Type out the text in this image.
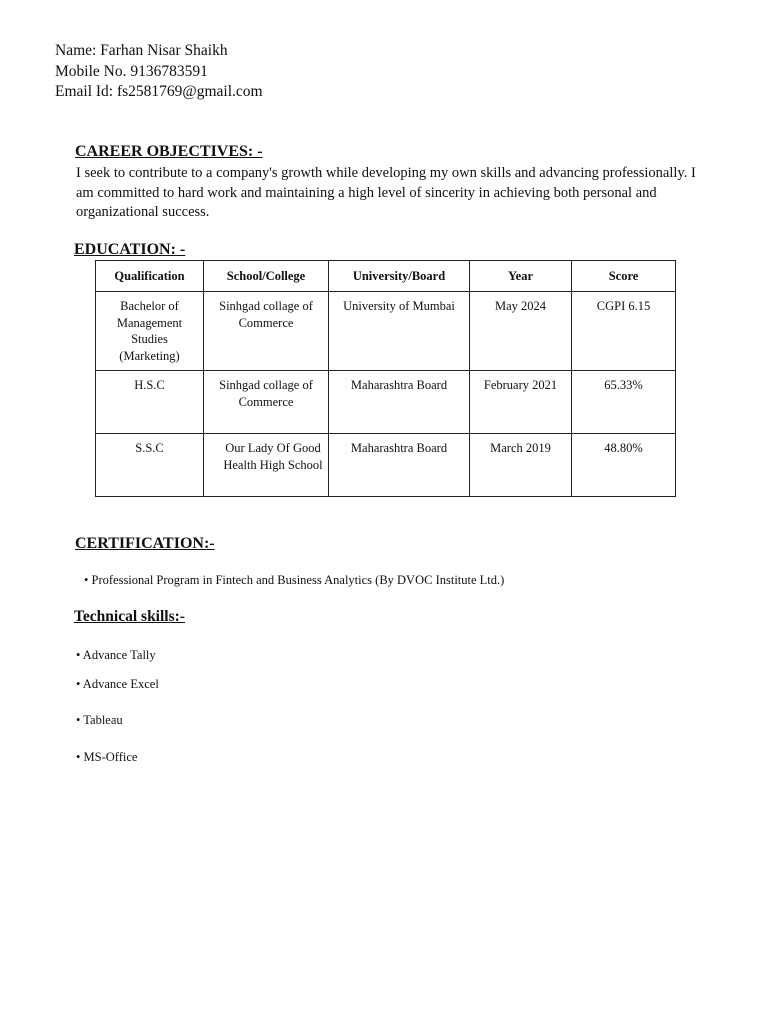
Name: Farhan Nisar Shaikh
Mobile No. 9136783591
Email Id: fs2581769@gmail.com
CAREER OBJECTIVES: -
I seek to contribute to a company's growth while developing my own skills and advancing professionally. I am committed to hard work and maintaining a high level of sincerity in achieving both personal and organizational success.
EDUCATION: -
Qualification	School/College	University/Board	Year	Score
Bachelor of Management Studies (Marketing)	Sinhgad collage of Commerce	University of Mumbai	May 2024	CGPI 6.15
H.S.C	Sinhgad collage of Commerce	Maharashtra Board	February 2021	65.33%
S.S.C	Our Lady Of Good Health High School	Maharashtra Board	March 2019	48.80%
CERTIFICATION:-
• Professional Program in Fintech and Business Analytics (By DVOC Institute Ltd.)
Technical skills:-
• Advance Tally
• Advance Excel
• Tableau
• MS-Office
